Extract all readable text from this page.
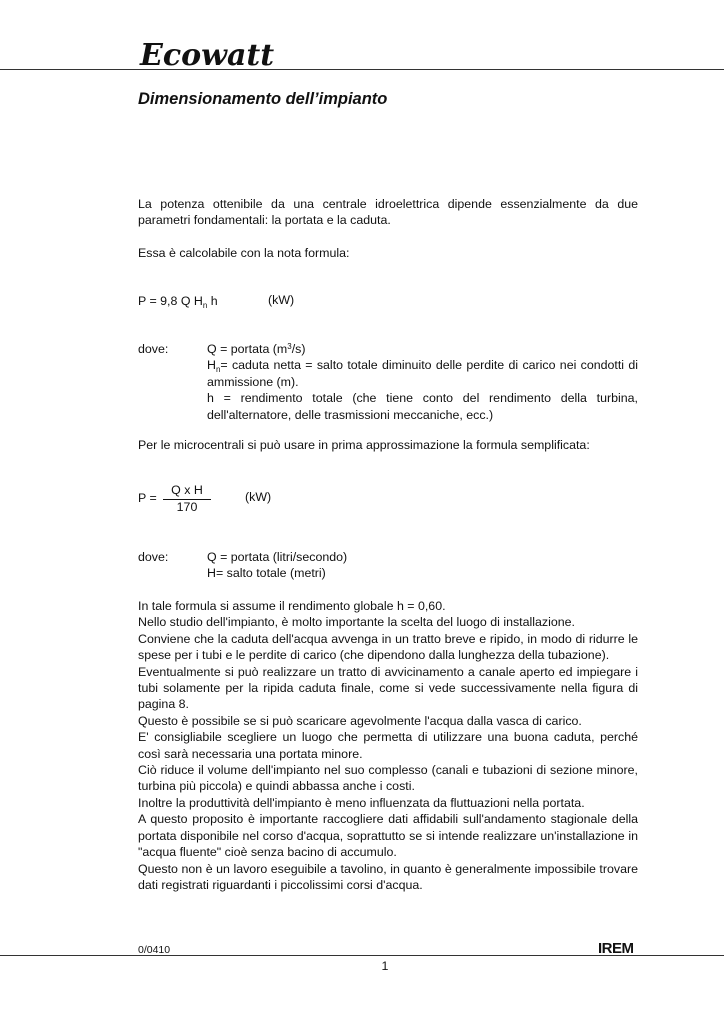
Ecowatt
Dimensionamento dell’impianto

La potenza ottenibile da una centrale idroelettrica dipende essenzialmente da due parametri fondamentali: la portata e la caduta.

Essa è calcolabile con la nota formula:

P = 9,8 Q $H_n$ h	(kW)
dove:	Q = portata $(m^3/s)$

$H_n=$ caduta netta = salto totale diminuito delle perdite di carico nei condotti di ammissione (m).

h = rendimento totale (che tiene conto del rendimento della turbina, dell'alternatore, delle trasmissioni meccaniche, ecc.)

Per le microcentrali si può usare in prima approssimazione la formula semplificata:

P =
Q x H
170
(kW)
dove:	Q = portata (litri/secondo)

H= salto totale (metri)

In tale formula si assume il rendimento globale h = 0,60.

Nello studio dell'impianto, è molto importante la scelta del luogo di installazione.

Conviene che la caduta dell'acqua avvenga in un tratto breve e ripido, in modo di ridurre le spese per i tubi e le perdite di carico (che dipendono dalla lunghezza della tubazione).

Eventualmente si può realizzare un tratto di avvicinamento a canale aperto ed impiegare i tubi solamente per la ripida caduta finale, come si vede successivamente nella figura di pagina 8.

Questo è possibile se si può scaricare agevolmente l'acqua dalla vasca di carico.

E' consigliabile scegliere un luogo che permetta di utilizzare una buona caduta, perché così sarà necessaria una portata minore.

Ciò riduce il volume dell'impianto nel suo complesso (canali e tubazioni di sezione minore, turbina più piccola) e quindi abbassa anche i costi.

Inoltre la produttività dell'impianto è meno influenzata da fluttuazioni nella portata.

A questo proposito è importante raccogliere dati affidabili sull'andamento stagionale della portata disponibile nel corso d'acqua, soprattutto se si intende realizzare un'installazione in "acqua fluente" cioè senza bacino di accumulo.

Questo non è un lavoro eseguibile a tavolino, in quanto è generalmente impossibile trovare dati registrati riguardanti i piccolissimi corsi d'acqua.

0/0410	IREM
1
